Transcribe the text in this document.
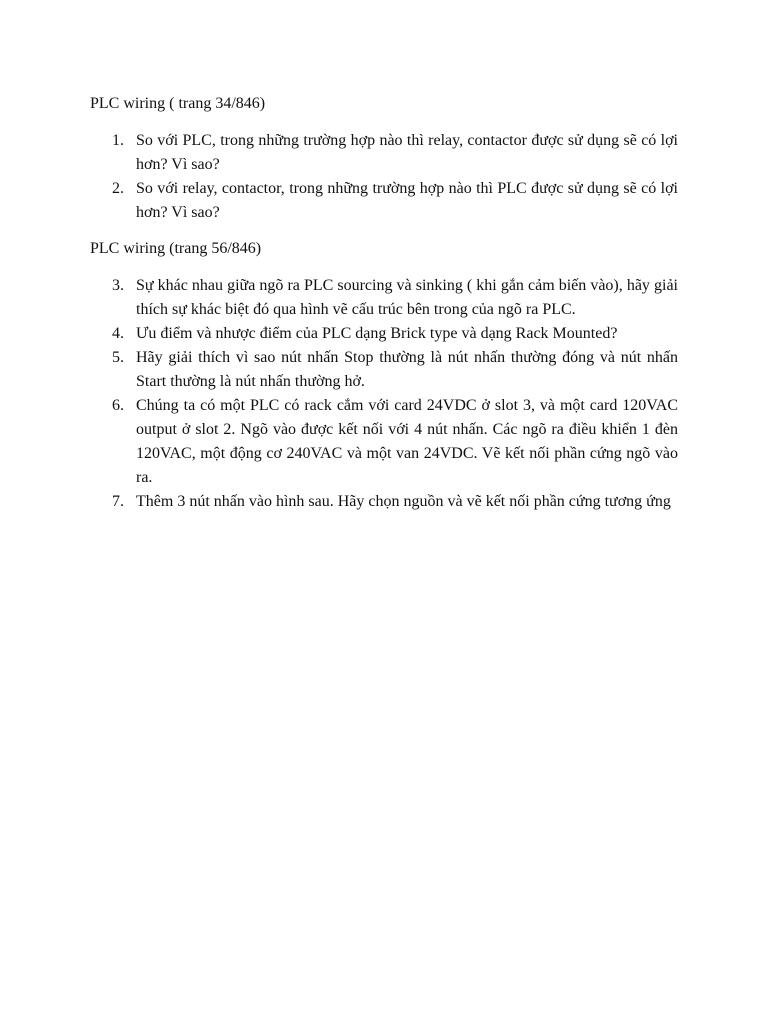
PLC wiring ( trang 34/846)

1. So với PLC, trong những trường hợp nào thì relay, contactor được sử dụng sẽ có lợi hơn? Vì sao?
2. So với relay, contactor, trong những trường hợp nào thì PLC được sử dụng sẽ có lợi hơn? Vì sao?

PLC wiring (trang 56/846)

3. Sự khác nhau giữa ngõ ra PLC sourcing và sinking ( khi gắn cảm biến vào), hãy giải thích sự khác biệt đó qua hình vẽ cấu trúc bên trong của ngõ ra PLC.
4. Ưu điểm và nhược điểm của PLC dạng Brick type và dạng Rack Mounted?
5. Hãy giải thích vì sao nút nhấn Stop thường là nút nhấn thường đóng và nút nhấn Start thường là nút nhấn thường hở.
6. Chúng ta có một PLC có rack cắm với card 24VDC ở slot 3, và một card 120VAC output ở slot 2. Ngõ vào được kết nối với 4 nút nhấn. Các ngõ ra điều khiển 1 đèn 120VAC, một động cơ 240VAC và một van 24VDC. Vẽ kết nối phần cứng ngõ vào ra.
7. Thêm 3 nút nhấn vào hình sau. Hãy chọn nguồn và vẽ kết nối phần cứng tương ứng
